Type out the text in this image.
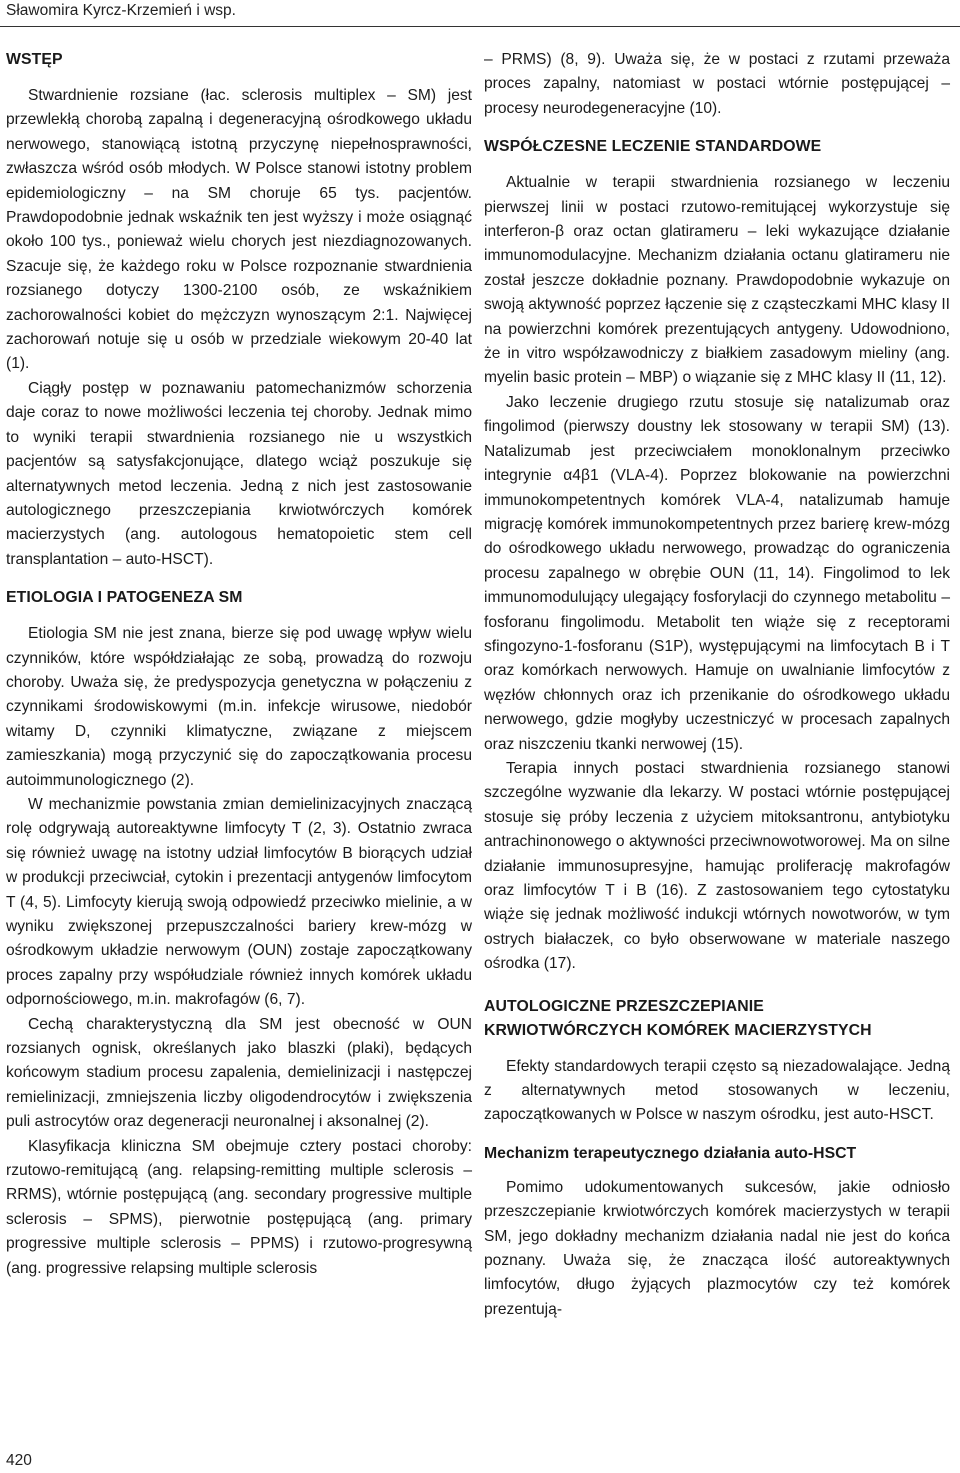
Sławomira Kyrcz-Krzemień i wsp.
WSTĘP

Stwardnienie rozsiane (łac. sclerosis multiplex – SM) jest przewlekłą chorobą zapalną i degeneracyjną ośrodkowego układu nerwowego, stanowiącą istotną przyczynę niepełnosprawności, zwłaszcza wśród osób młodych. W Polsce stanowi istotny problem epidemiologiczny – na SM choruje 65 tys. pacjentów. Prawdopodobnie jednak wskaźnik ten jest wyższy i może osiągnąć około 100 tys., ponieważ wielu chorych jest niezdiagnozowanych. Szacuje się, że każdego roku w Polsce rozpoznanie stwardnienia rozsianego dotyczy 1300-2100 osób, ze wskaźnikiem zachorowalności kobiet do mężczyzn wynoszącym 2:1. Najwięcej zachorowań notuje się u osób w przedziale wiekowym 20-40 lat (1).

Ciągły postęp w poznawaniu patomechanizmów schorzenia daje coraz to nowe możliwości leczenia tej choroby. Jednak mimo to wyniki terapii stwardnienia rozsianego nie u wszystkich pacjentów są satysfakcjonujące, dlatego wciąż poszukuje się alternatywnych metod leczenia. Jedną z nich jest zastosowanie autologicznego przeszczepiania krwiotwórczych komórek macierzystych (ang. autologous hematopoietic stem cell transplantation – auto-HSCT).

ETIOLOGIA I PATOGENEZA SM

Etiologia SM nie jest znana, bierze się pod uwagę wpływ wielu czynników, które współdziałając ze sobą, prowadzą do rozwoju choroby. Uważa się, że predyspozycja genetyczna w połączeniu z czynnikami środowiskowymi (m.in. infekcje wirusowe, niedobór witamy D, czynniki klimatyczne, związane z miejscem zamieszkania) mogą przyczynić się do zapoczątkowania procesu autoimmunologicznego (2).

W mechanizmie powstania zmian demielinizacyjnych znaczącą rolę odgrywają autoreaktywne limfocyty T (2, 3). Ostatnio zwraca się również uwagę na istotny udział limfocytów B biorących udział w produkcji przeciwciał, cytokin i prezentacji antygenów limfocytom T (4, 5). Limfocyty kierują swoją odpowiedź przeciwko mielinie, a w wyniku zwiększonej przepuszczalności bariery krew-mózg w ośrodkowym układzie nerwowym (OUN) zostaje zapoczątkowany proces zapalny przy współudziale również innych komórek układu odpornościowego, m.in. makrofagów (6, 7).

Cechą charakterystyczną dla SM jest obecność w OUN rozsianych ognisk, określanych jako blaszki (plaki), będących końcowym stadium procesu zapalenia, demielinizacji i następczej remielinizacji, zmniejszenia liczby oligodendrocytów i zwiększenia puli astrocytów oraz degeneracji neuronalnej i aksonalnej (2).

Klasyfikacja kliniczna SM obejmuje cztery postaci choroby: rzutowo-remitującą (ang. relapsing-remitting multiple sclerosis – RRMS), wtórnie postępującą (ang. secondary progressive multiple sclerosis – SPMS), pierwotnie postępującą (ang. primary progressive multiple sclerosis – PPMS) i rzutowo-progresywną (ang. progressive relapsing multiple sclerosis

– PRMS) (8, 9). Uważa się, że w postaci z rzutami przeważa proces zapalny, natomiast w postaci wtórnie postępującej – procesy neurodegeneracyjne (10).

WSPÓŁCZESNE LECZENIE STANDARDOWE

Aktualnie w terapii stwardnienia rozsianego w leczeniu pierwszej linii w postaci rzutowo-remitującej wykorzystuje się interferon-β oraz octan glatirameru – leki wykazujące działanie immunomodulacyjne. Mechanizm działania octanu glatirameru nie został jeszcze dokładnie poznany. Prawdopodobnie wykazuje on swoją aktywność poprzez łączenie się z cząsteczkami MHC klasy II na powierzchni komórek prezentujących antygeny. Udowodniono, że in vitro współzawodniczy z białkiem zasadowym mieliny (ang. myelin basic protein – MBP) o wiązanie się z MHC klasy II (11, 12).

Jako leczenie drugiego rzutu stosuje się natalizumab oraz fingolimod (pierwszy doustny lek stosowany w terapii SM) (13). Natalizumab jest przeciwciałem monoklonalnym przeciwko integrynie α4β1 (VLA-4). Poprzez blokowanie na powierzchni immunokompetentnych komórek VLA-4, natalizumab hamuje migrację komórek immunokompetentnych przez barierę krew-mózg do ośrodkowego układu nerwowego, prowadząc do ograniczenia procesu zapalnego w obrębie OUN (11, 14). Fingolimod to lek immunomodulujący ulegający fosforylacji do czynnego metabolitu – fosforanu fingolimodu. Metabolit ten wiąże się z receptorami sfingozyno-1-fosforanu (S1P), występującymi na limfocytach B i T oraz komórkach nerwowych. Hamuje on uwalnianie limfocytów z węzłów chłonnych oraz ich przenikanie do ośrodkowego układu nerwowego, gdzie mogłyby uczestniczyć w procesach zapalnych oraz niszczeniu tkanki nerwowej (15).

Terapia innych postaci stwardnienia rozsianego stanowi szczególne wyzwanie dla lekarzy. W postaci wtórnie postępującej stosuje się próby leczenia z użyciem mitoksantronu, antybiotyku antrachinonowego o aktywności przeciwnowotworowej. Ma on silne działanie immunosupresyjne, hamując proliferację makrofagów oraz limfocytów T i B (16). Z zastosowaniem tego cytostatyku wiąże się jednak możliwość indukcji wtórnych nowotworów, w tym ostrych białaczek, co było obserwowane w materiale naszego ośrodka (17).

AUTOLOGICZNE PRZESZCZEPIANIE
KRWIOTWÓRCZYCH KOMÓREK MACIERZYSTYCH

Efekty standardowych terapii często są niezadowalające. Jedną z alternatywnych metod stosowanych w leczeniu, zapoczątkowanych w Polsce w naszym ośrodku, jest auto-HSCT.

Mechanizm terapeutycznego działania auto-HSCT

Pomimo udokumentowanych sukcesów, jakie odniosło przeszczepianie krwiotwórczych komórek macierzystych w terapii SM, jego dokładny mechanizm działania nadal nie jest do końca poznany. Uważa się, że znacząca ilość autoreaktywnych limfocytów, długo żyjących plazmocytów czy też komórek prezentują-

420
